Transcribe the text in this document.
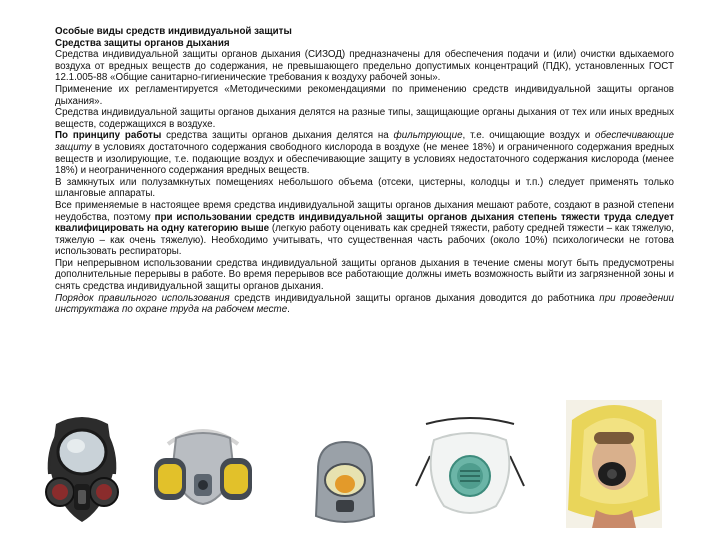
Особые виды средств индивидуальной защиты

Средства защиты органов дыхания

Средства индивидуальной защиты органов дыхания (СИЗОД) предназначены для обеспечения подачи и (или) очистки вдыхаемого воздуха от вредных веществ до содержания, не превышающего предельно допустимых концентраций (ПДК), установленных ГОСТ 12.1.005-88 «Общие санитарно-гигиенические требования к воздуху рабочей зоны».

Применение их регламентируется «Методическими рекомендациями по применению средств индивидуальной защиты органов дыхания».

Средства индивидуальной защиты органов дыхания делятся на разные типы, защищающие органы дыхания от тех или иных вредных веществ, содержащихся в воздухе.

По принципу работы средства защиты органов дыхания делятся на фильтрующие, т.е. очищающие воздух и обеспечивающие защиту в условиях достаточного содержания свободного кислорода в воздухе (не менее 18%) и ограниченного содержания вредных веществ и изолирующие, т.е. подающие воздух и обеспечивающие защиту в условиях недостаточного содержания кислорода (менее 18%) и неограниченного содержания вредных веществ.

В замкнутых или полузамкнутых помещениях небольшого объема (отсеки, цистерны, колодцы и т.п.) следует применять только шланговые аппараты.

Все применяемые в настоящее время средства индивидуальной защиты органов дыхания мешают работе, создают в разной степени неудобства, поэтому при использовании средств индивидуальной защиты органов дыхания степень тяжести труда следует квалифицировать на одну категорию выше (легкую работу оценивать как средней тяжести, работу средней тяжести – как тяжелую, тяжелую – как очень тяжелую). Необходимо учитывать, что существенная часть рабочих (около 10%) психологически не готова использовать респираторы.

При непрерывном использовании средства индивидуальной защиты органов дыхания в течение смены могут быть предусмотрены дополнительные перерывы в работе. Во время перерывов все работающие должны иметь возможность выйти из загрязненной зоны и снять средства индивидуальной защиты органов дыхания.

Порядок правильного использования средств индивидуальной защиты органов дыхания доводится до работника при проведении инструктажа по охране труда на рабочем месте.
